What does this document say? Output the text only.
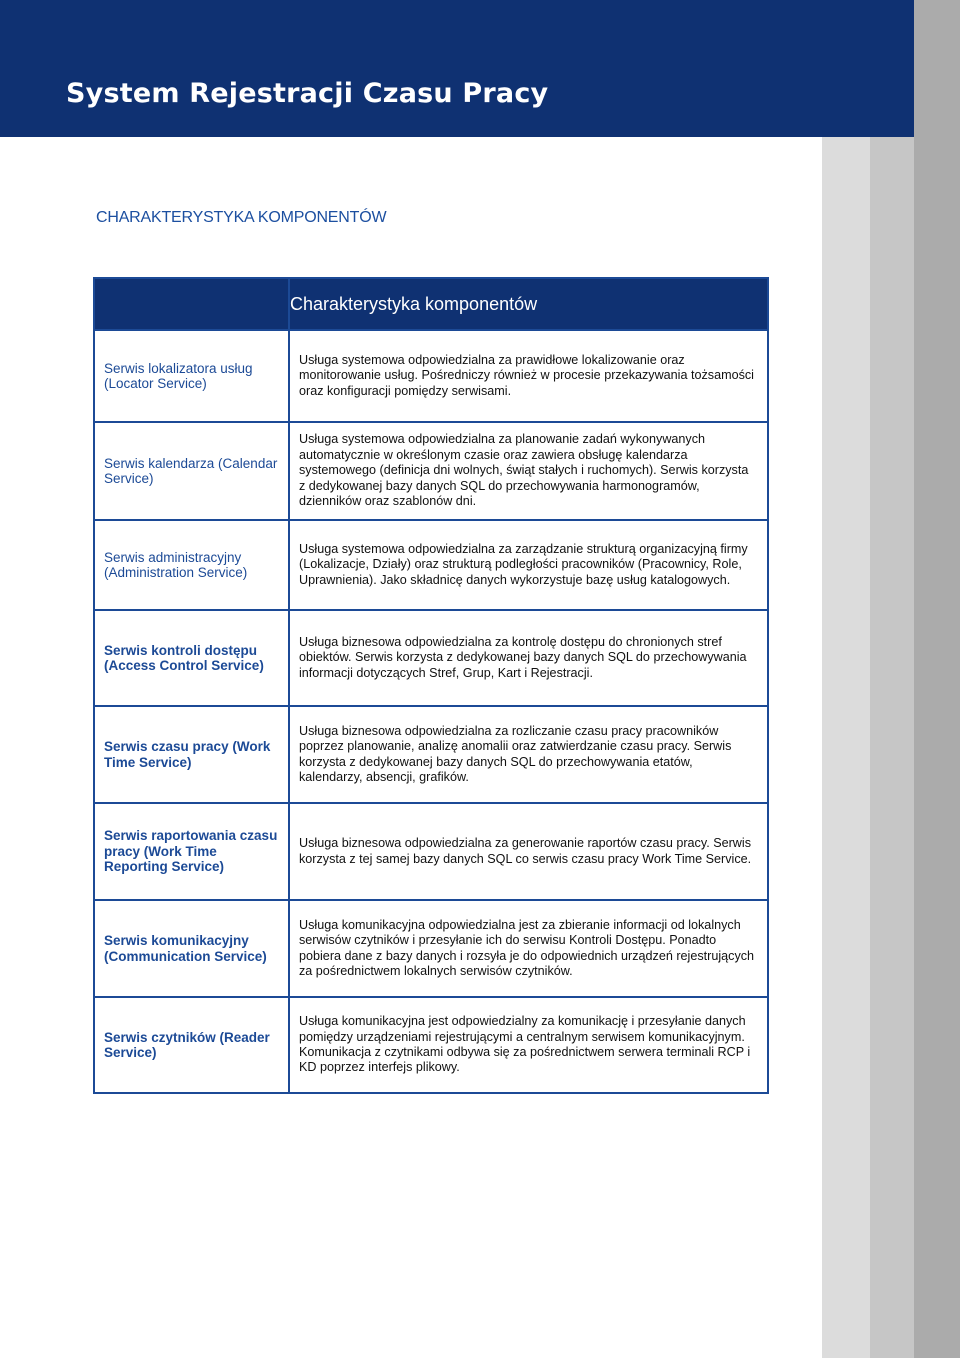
System Rejestracji Czasu Pracy
CHARAKTERYSTYKA KOMPONENTÓW
	Charakterystyka komponentów
Serwis lokalizatora usług (Locator Service)	Usługa systemowa odpowiedzialna za prawidłowe lokalizowanie oraz monitorowanie usług. Pośredniczy również w procesie przekazywania tożsamości oraz konfiguracji pomiędzy serwisami.
Serwis kalendarza (Calendar Service)	Usługa systemowa odpowiedzialna za planowanie zadań wykonywanych automatycznie w określonym czasie oraz zawiera obsługę kalendarza systemowego (definicja dni wolnych, świąt stałych i ruchomych). Serwis korzysta z dedykowanej bazy danych SQL do przechowywania harmonogramów, dzienników oraz szablonów dni.
Serwis administracyjny (Administration Service)	Usługa systemowa odpowiedzialna za zarządzanie strukturą organizacyjną firmy (Lokalizacje, Działy) oraz strukturą podległości pracowników (Pracownicy, Role, Uprawnienia). Jako składnicę danych wykorzystuje bazę usług katalogowych.
Serwis kontroli dostępu (Access Control Service)	Usługa biznesowa odpowiedzialna za kontrolę dostępu do chronionych stref obiektów. Serwis korzysta z dedykowanej bazy danych SQL do przechowywania informacji dotyczących Stref, Grup, Kart i Rejestracji.
Serwis czasu pracy (Work Time Service)	Usługa biznesowa odpowiedzialna za rozliczanie czasu pracy pracowników poprzez planowanie, analizę anomalii oraz zatwierdzanie czasu pracy. Serwis korzysta z dedykowanej bazy danych SQL do przechowywania etatów, kalendarzy, absencji, grafików.
Serwis raportowania czasu pracy (Work Time Reporting Service)	Usługa biznesowa odpowiedzialna za generowanie raportów czasu pracy. Serwis korzysta z tej samej bazy danych SQL co serwis czasu pracy Work Time Service.
Serwis komunikacyjny (Communication Service)	Usługa komunikacyjna odpowiedzialna jest za zbieranie informacji od lokalnych serwisów czytników i przesyłanie ich do serwisu Kontroli Dostępu. Ponadto pobiera dane z bazy danych i rozsyła je do odpowiednich urządzeń rejestrujących za pośrednictwem lokalnych serwisów czytników.
Serwis czytników (Reader Service)	Usługa komunikacyjna jest odpowiedzialny za komunikację i przesyłanie danych pomiędzy urządzeniami rejestrującymi a centralnym serwisem komunikacyjnym. Komunikacja z czytnikami odbywa się za pośrednictwem serwera terminali RCP i KD poprzez interfejs plikowy.
